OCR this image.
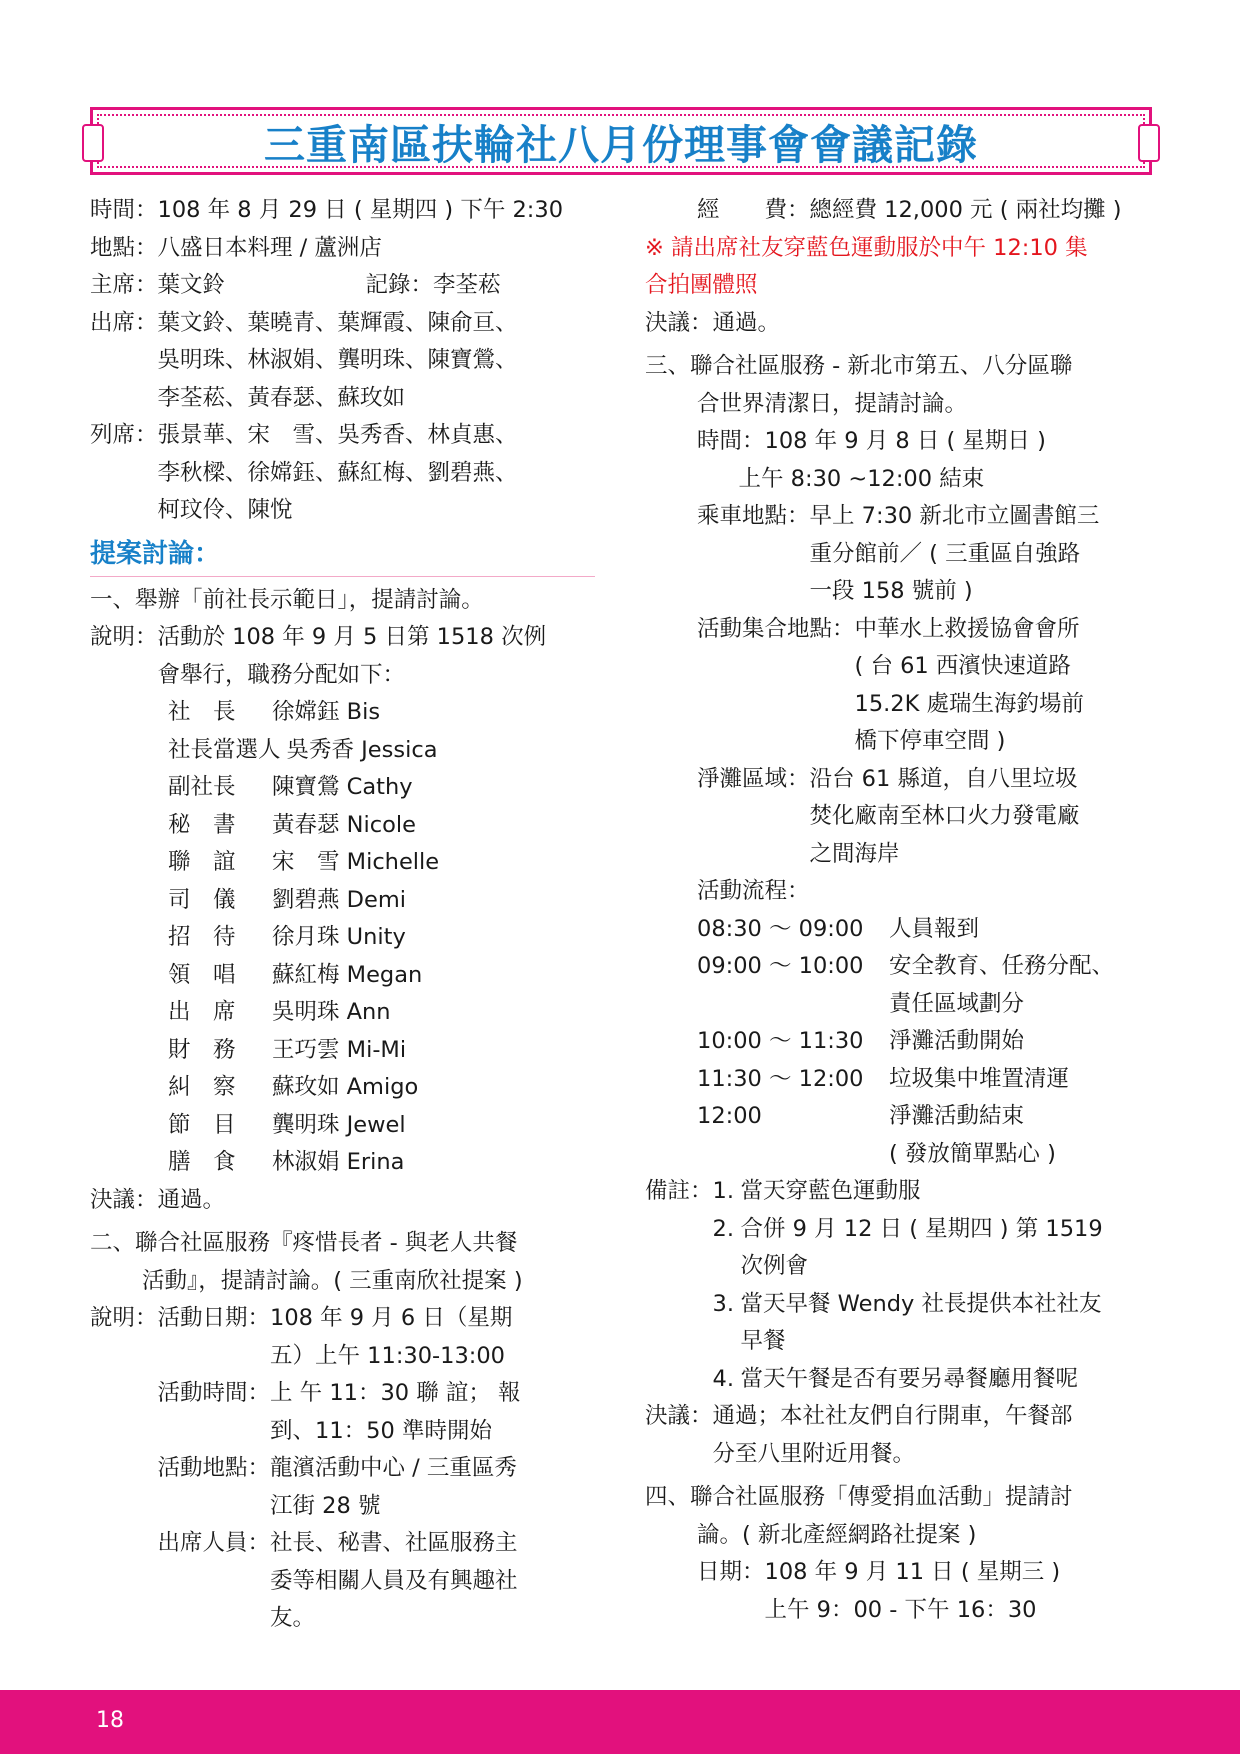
三重南區扶輪社八月份理事會會議記錄
時間： 108 年 8 月 29 日 ( 星期四 ) 下午 2:30
地點： 八盛日本料理 / 蘆洲店
主席： 葉文鈴	記錄：李荃菘
出席： 葉文鈴、葉曉青、葉輝霞、陳俞亘、
吳明珠、林淑娟、龔明珠、陳寶鶯、
李荃菘、黃春瑟、蘇玫如
列席： 張景華、宋　雪、吳秀香、林貞惠、
李秋樑、徐嫦鈺、蘇紅梅、劉碧燕、
柯玟伶、陳悅
提案討論：
一、舉辦「前社長示範日」，提請討論。
說明： 活動於 108 年 9 月 5 日第 1518 次例
會舉行，職務分配如下：
社　長	徐嫦鈺 Bis
社長當選人 吳秀香 Jessica
副社長	陳寶鶯 Cathy
秘　書	黃春瑟 Nicole
聯　誼	宋　雪 Michelle
司　儀	劉碧燕 Demi
招　待	徐月珠 Unity
領　唱	蘇紅梅 Megan
出　席	吳明珠 Ann
財　務	王巧雲 Mi-Mi
糾　察	蘇玫如 Amigo
節　目	龔明珠 Jewel
膳　食	林淑娟 Erina
決議： 通過。
二、聯合社區服務『疼惜長者 - 與老人共餐
活動』，提請討論。( 三重南欣社提案 )
說明： 活動日期： 108 年 9 月 6 日（星期
五）上午 11:30-13:00
活動時間： 上 午 11：30 聯 誼； 報
到、11：50 準時開始
活動地點： 龍濱活動中心 / 三重區秀
江街 28 號
出席人員： 社長、秘書、社區服務主
委等相關人員及有興趣社
友。
經　　費： 總經費 12,000 元 ( 兩社均攤 )
※ 請出席社友穿藍色運動服於中午 12:10 集
合拍團體照
決議： 通過。
三、聯合社區服務 - 新北市第五、八分區聯
合世界清潔日，提請討論。
時間： 108 年 9 月 8 日 ( 星期日 )
上午 8:30 ~12:00 結束
乘車地點： 早上 7:30 新北市立圖書館三
重分館前／ ( 三重區自強路
一段 158 號前 )
活動集合地點： 中華水上救援協會會所
( 台 61 西濱快速道路
15.2K 處瑞生海釣場前
橋下停車空間 )
淨灘區域： 沿台 61 縣道，自八里垃圾
焚化廠南至林口火力發電廠
之間海岸
活動流程：
08:30 ～ 09:00	人員報到
09:00 ～ 10:00	安全教育、任務分配、
責任區域劃分
10:00 ～ 11:30	淨灘活動開始
11:30 ～ 12:00	垃圾集中堆置清運
12:00	淨灘活動結束
( 發放簡單點心 )
備註： 1. 當天穿藍色運動服
2. 合併 9 月 12 日 ( 星期四 ) 第 1519
次例會
3. 當天早餐 Wendy 社長提供本社社友
早餐
4. 當天午餐是否有要另尋餐廳用餐呢
決議： 通過；本社社友們自行開車，午餐部
分至八里附近用餐。
四、聯合社區服務「傳愛捐血活動」提請討
論。( 新北產經網路社提案 )
日期： 108 年 9 月 11 日 ( 星期三 )
上午 9：00 - 下午 16：30
18
